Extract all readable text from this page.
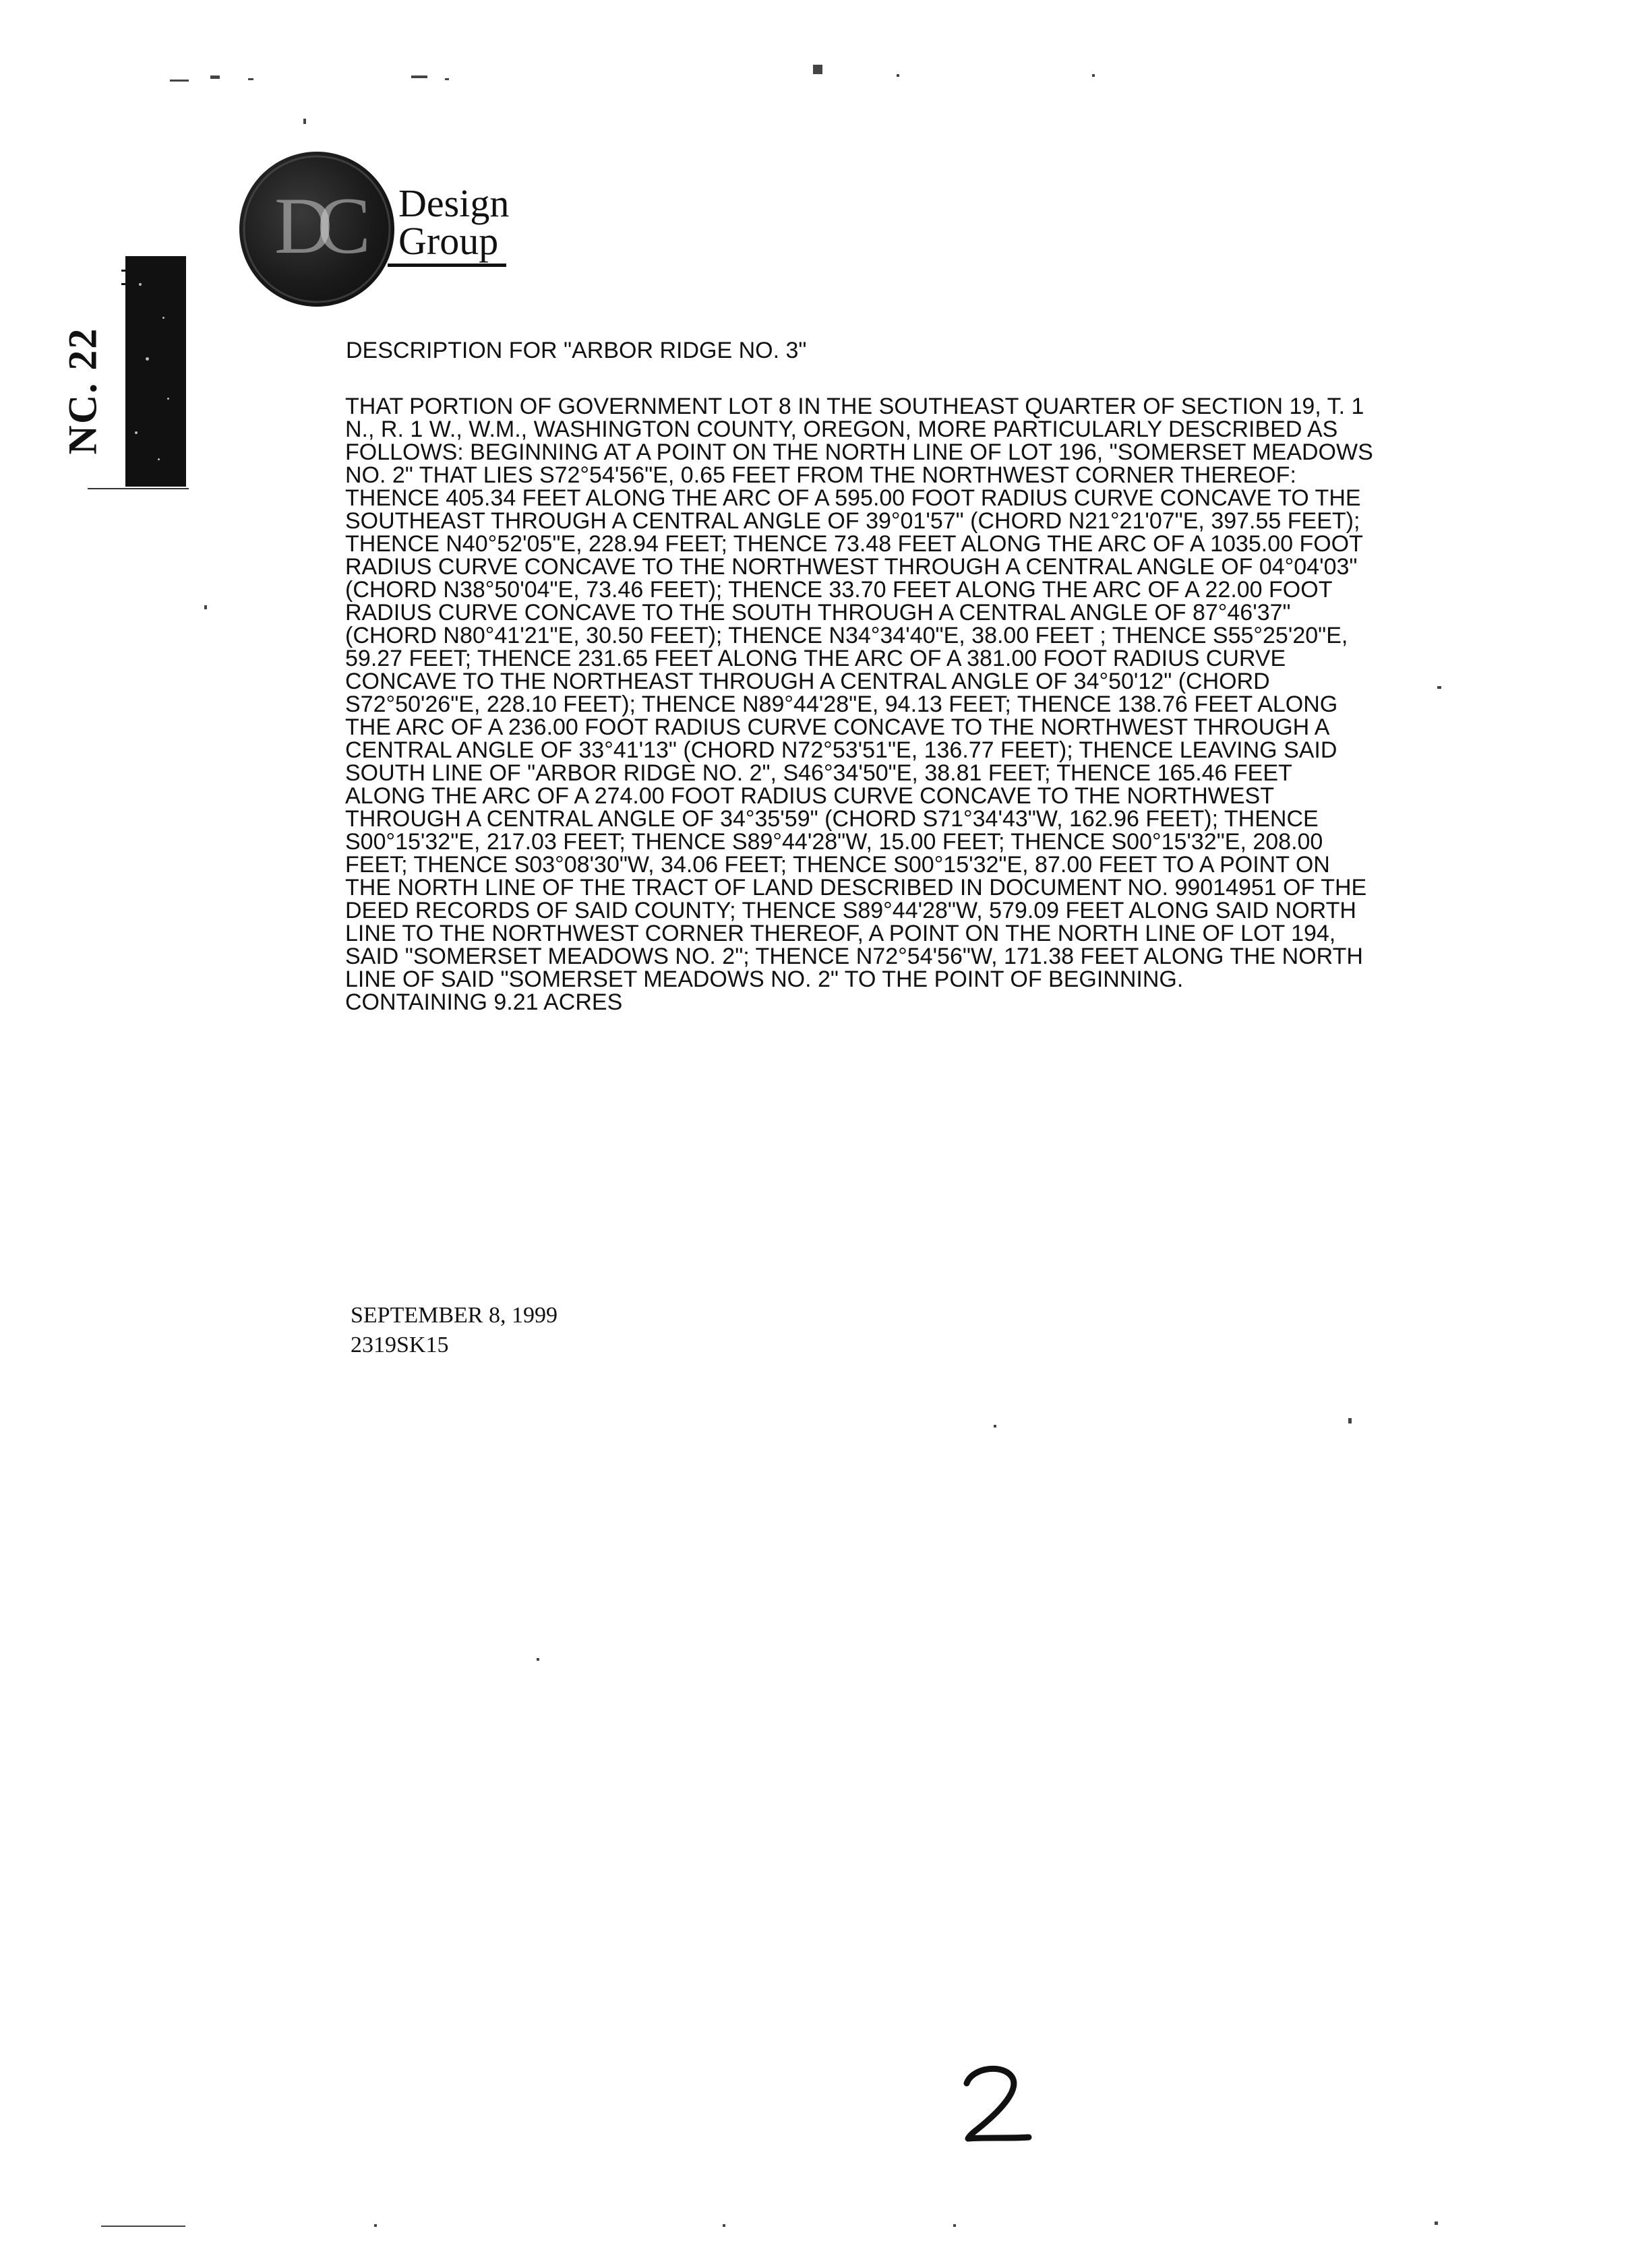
D
C Design
Group
NC. 22	DESCRIPTION FOR "ARBOR RIDGE NO. 3"
THAT PORTION OF GOVERNMENT LOT 8 IN THE SOUTHEAST QUARTER OF SECTION 19, T. 1
N., R. 1 W., W.M., WASHINGTON COUNTY, OREGON, MORE PARTICULARLY DESCRIBED AS
FOLLOWS: BEGINNING AT A POINT ON THE NORTH LINE OF LOT 196, "SOMERSET MEADOWS
NO. 2" THAT LIES S72°54'56"E, 0.65 FEET FROM THE NORTHWEST CORNER THEREOF:
THENCE 405.34 FEET ALONG THE ARC OF A 595.00 FOOT RADIUS CURVE CONCAVE TO THE
SOUTHEAST THROUGH A CENTRAL ANGLE OF 39°01'57" (CHORD N21°21'07"E, 397.55 FEET);
THENCE N40°52'05"E, 228.94 FEET; THENCE 73.48 FEET ALONG THE ARC OF A 1035.00 FOOT
RADIUS CURVE CONCAVE TO THE NORTHWEST THROUGH A CENTRAL ANGLE OF 04°04'03"
(CHORD N38°50'04"E, 73.46 FEET); THENCE 33.70 FEET ALONG THE ARC OF A 22.00 FOOT
RADIUS CURVE CONCAVE TO THE SOUTH THROUGH A CENTRAL ANGLE OF 87°46'37"
(CHORD N80°41'21"E, 30.50 FEET); THENCE N34°34'40"E, 38.00 FEET ; THENCE S55°25'20"E,
59.27 FEET; THENCE 231.65 FEET ALONG THE ARC OF A 381.00 FOOT RADIUS CURVE
CONCAVE TO THE NORTHEAST THROUGH A CENTRAL ANGLE OF 34°50'12" (CHORD
S72°50'26"E, 228.10 FEET); THENCE N89°44'28"E, 94.13 FEET; THENCE 138.76 FEET ALONG
THE ARC OF A 236.00 FOOT RADIUS CURVE CONCAVE TO THE NORTHWEST THROUGH A
CENTRAL ANGLE OF 33°41'13" (CHORD N72°53'51"E, 136.77 FEET); THENCE LEAVING SAID
SOUTH LINE OF "ARBOR RIDGE NO. 2", S46°34'50"E, 38.81 FEET; THENCE 165.46 FEET
ALONG THE ARC OF A 274.00 FOOT RADIUS CURVE CONCAVE TO THE NORTHWEST
THROUGH A CENTRAL ANGLE OF 34°35'59" (CHORD S71°34'43"W, 162.96 FEET); THENCE
S00°15'32"E, 217.03 FEET; THENCE S89°44'28"W, 15.00 FEET; THENCE S00°15'32"E, 208.00
FEET; THENCE S03°08'30"W, 34.06 FEET; THENCE S00°15'32"E, 87.00 FEET TO A POINT ON
THE NORTH LINE OF THE TRACT OF LAND DESCRIBED IN DOCUMENT NO. 99014951 OF THE
DEED RECORDS OF SAID COUNTY; THENCE S89°44'28"W, 579.09 FEET ALONG SAID NORTH
LINE TO THE NORTHWEST CORNER THEREOF, A POINT ON THE NORTH LINE OF LOT 194,
SAID "SOMERSET MEADOWS NO. 2"; THENCE N72°54'56"W, 171.38 FEET ALONG THE NORTH
LINE OF SAID "SOMERSET MEADOWS NO. 2" TO THE POINT OF BEGINNING.
CONTAINING 9.21 ACRES
SEPTEMBER 8, 1999
2319SK15
